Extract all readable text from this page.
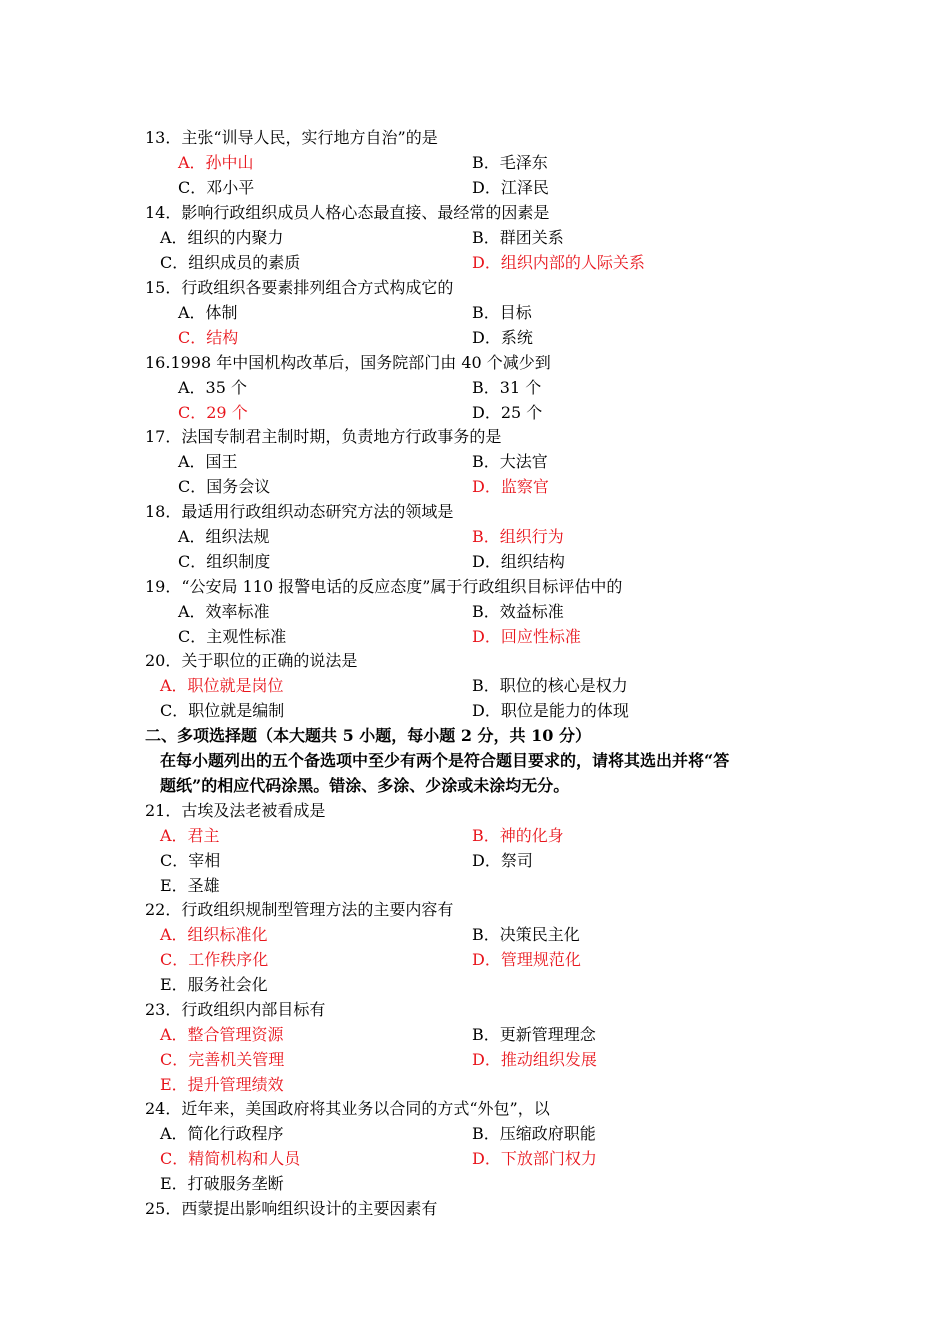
13．主张“训导人民，实行地方自治”的是
A．孙中山	B．毛泽东
C．邓小平	D．江泽民
14．影响行政组织成员人格心态最直接、最经常的因素是
A．组织的内聚力	B．群团关系
C．组织成员的素质	D．组织内部的人际关系
15．行政组织各要素排列组合方式构成它的
A．体制	B．目标
C．结构	D．系统
16.1998 年中国机构改革后，国务院部门由 40 个减少到
A．35 个	B．31 个
C．29 个	D．25 个
17．法国专制君主制时期，负责地方行政事务的是
A．国王	B．大法官
C．国务会议	D．监察官
18．最适用行政组织动态研究方法的领域是
A．组织法规	B．组织行为
C．组织制度	D．组织结构
19．“公安局 110 报警电话的反应态度”属于行政组织目标评估中的
A．效率标准	B．效益标准
C．主观性标准	D．回应性标准
20．关于职位的正确的说法是
A．职位就是岗位	B．职位的核心是权力
C．职位就是编制	D．职位是能力的体现
二、多项选择题（本大题共 5 小题，每小题 2 分，共 10 分）
在每小题列出的五个备选项中至少有两个是符合题目要求的，请将其选出并将“答
题纸”的相应代码涂黑。错涂、多涂、少涂或未涂均无分。
21．古埃及法老被看成是
A．君主	B．神的化身
C．宰相	D．祭司
E．圣雄
22．行政组织规制型管理方法的主要内容有
A．组织标准化	B．决策民主化
C．工作秩序化	D．管理规范化
E．服务社会化
23．行政组织内部目标有
A．整合管理资源	B．更新管理理念
C．完善机关管理	D．推动组织发展
E．提升管理绩效
24．近年来，美国政府将其业务以合同的方式“外包”，以
A．简化行政程序	B．压缩政府职能
C．精简机构和人员	D．下放部门权力
E．打破服务垄断
25．西蒙提出影响组织设计的主要因素有
